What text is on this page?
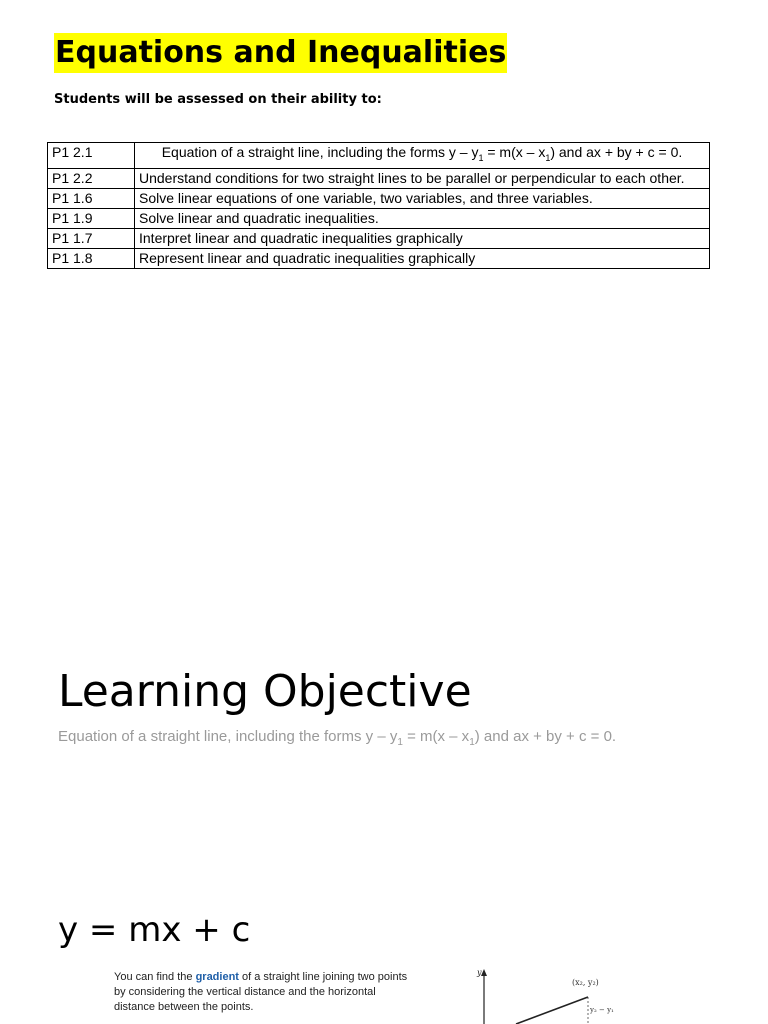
Equations and Inequalities

Students will be assessed on their ability to:

P1 2.1	Equation of a straight line, including the forms $y - y_1 = m(x - x_1)$ and ax + by + c = 0.
P1 2.2	Understand conditions for two straight lines to be parallel or perpendicular to each other.
P1 1.6	Solve linear equations of one variable, two variables, and three variables.
P1 1.9	Solve linear and quadratic inequalities.
P1 1.7	Interpret linear and quadratic inequalities graphically
P1 1.8	Represent linear and quadratic inequalities graphically
Learning Objective

Equation of a straight line, including the forms $y - y_1 = m(x - x_1)$ and ax + by + c = 0.

y = mx + c

You can find the gradient of a straight line joining two points
by considering the vertical distance and the horizontal
distance between the points.
y
(x₂, y₂)
y₂ − y₁
